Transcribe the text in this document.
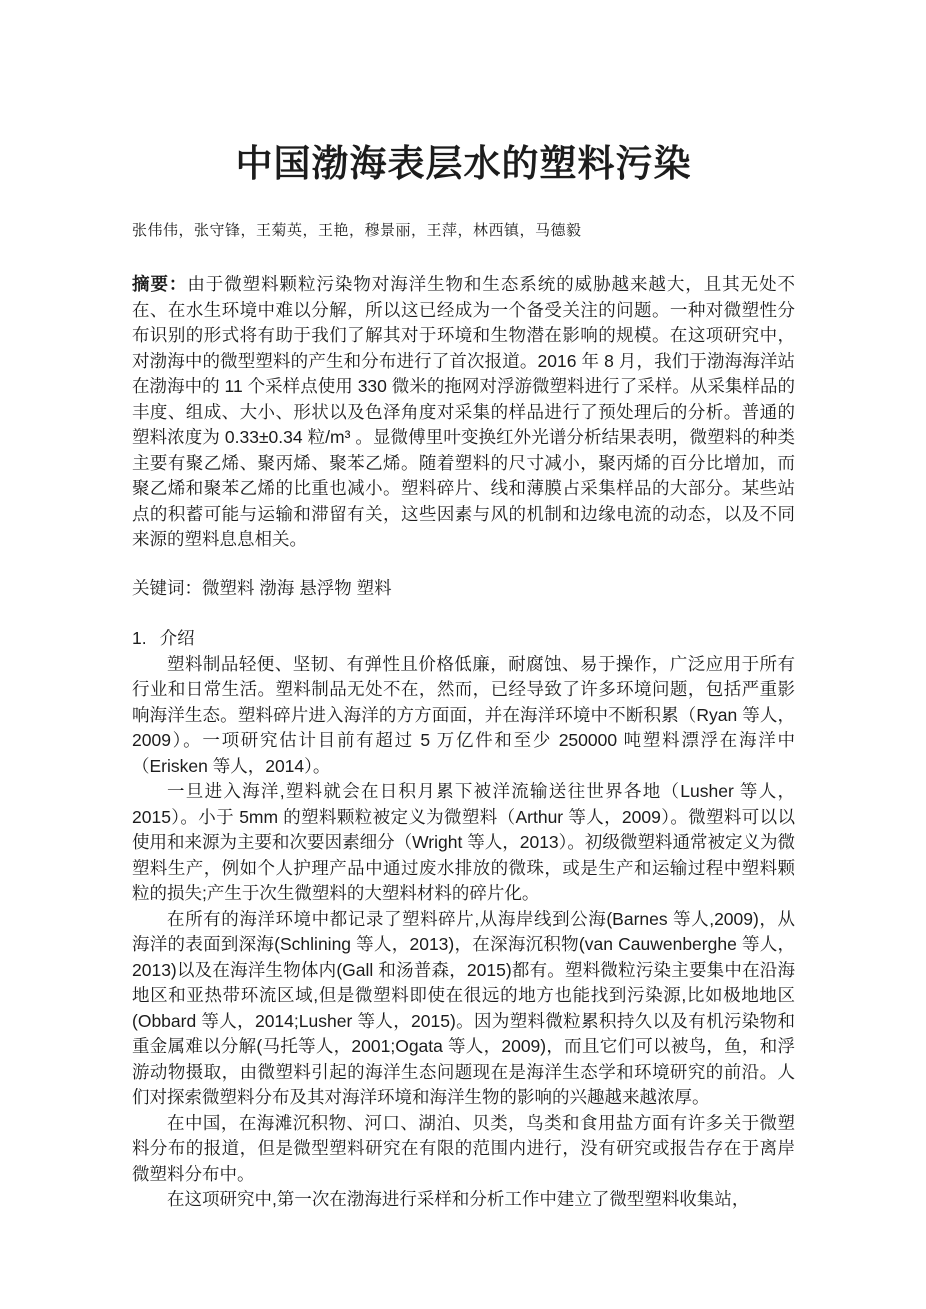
中国渤海表层水的塑料污染

张伟伟，张守锋，王菊英，王艳，穆景丽，王萍，林西镇，马德毅

摘要：由于微塑料颗粒污染物对海洋生物和生态系统的威胁越来越大，且其无处不在、在水生环境中难以分解，所以这已经成为一个备受关注的问题。一种对微塑性分布识别的形式将有助于我们了解其对于环境和生物潜在影响的规模。在这项研究中，对渤海中的微型塑料的产生和分布进行了首次报道。2016 年 8 月，我们于渤海海洋站在渤海中的 11 个采样点使用 330 微米的拖网对浮游微塑料进行了采样。从采集样品的丰度、组成、大小、形状以及色泽角度对采集的样品进行了预处理后的分析。普通的塑料浓度为 0.33±0.34 粒/m³ 。显微傅里叶变换红外光谱分析结果表明，微塑料的种类主要有聚乙烯、聚丙烯、聚苯乙烯。随着塑料的尺寸减小，聚丙烯的百分比增加，而聚乙烯和聚苯乙烯的比重也减小。塑料碎片、线和薄膜占采集样品的大部分。某些站点的积蓄可能与运输和滞留有关，这些因素与风的机制和边缘电流的动态，以及不同来源的塑料息息相关。

关键词：微塑料 渤海 悬浮物 塑料

1. 介绍

塑料制品轻便、坚韧、有弹性且价格低廉，耐腐蚀、易于操作，广泛应用于所有行业和日常生活。塑料制品无处不在，然而，已经导致了许多环境问题，包括严重影响海洋生态。塑料碎片进入海洋的方方面面，并在海洋环境中不断积累（Ryan 等人，2009）。一项研究估计目前有超过 5 万亿件和至少 250000 吨塑料漂浮在海洋中（Erisken 等人，2014）。

一旦进入海洋,塑料就会在日积月累下被洋流输送往世界各地（Lusher 等人，2015）。小于 5mm 的塑料颗粒被定义为微塑料（Arthur 等人，2009）。微塑料可以以使用和来源为主要和次要因素细分（Wright 等人，2013）。初级微塑料通常被定义为微塑料生产，例如个人护理产品中通过废水排放的微珠，或是生产和运输过程中塑料颗粒的损失;产生于次生微塑料的大塑料材料的碎片化。

在所有的海洋环境中都记录了塑料碎片,从海岸线到公海(Barnes 等人,2009)，从海洋的表面到深海(Schlining 等人，2013)，在深海沉积物(van Cauwenberghe 等人，2013)以及在海洋生物体内(Gall 和汤普森，2015)都有。塑料微粒污染主要集中在沿海地区和亚热带环流区域,但是微塑料即使在很远的地方也能找到污染源,比如极地地区(Obbard 等人，2014;Lusher 等人，2015)。因为塑料微粒累积持久以及有机污染物和重金属难以分解(马托等人，2001;Ogata 等人，2009)，而且它们可以被鸟，鱼，和浮游动物摄取，由微塑料引起的海洋生态问题现在是海洋生态学和环境研究的前沿。人们对探索微塑料分布及其对海洋环境和海洋生物的影响的兴趣越来越浓厚。

在中国，在海滩沉积物、河口、湖泊、贝类，鸟类和食用盐方面有许多关于微塑料分布的报道，但是微型塑料研究在有限的范围内进行，没有研究或报告存在于离岸微塑料分布中。

在这项研究中,第一次在渤海进行采样和分析工作中建立了微型塑料收集站，
